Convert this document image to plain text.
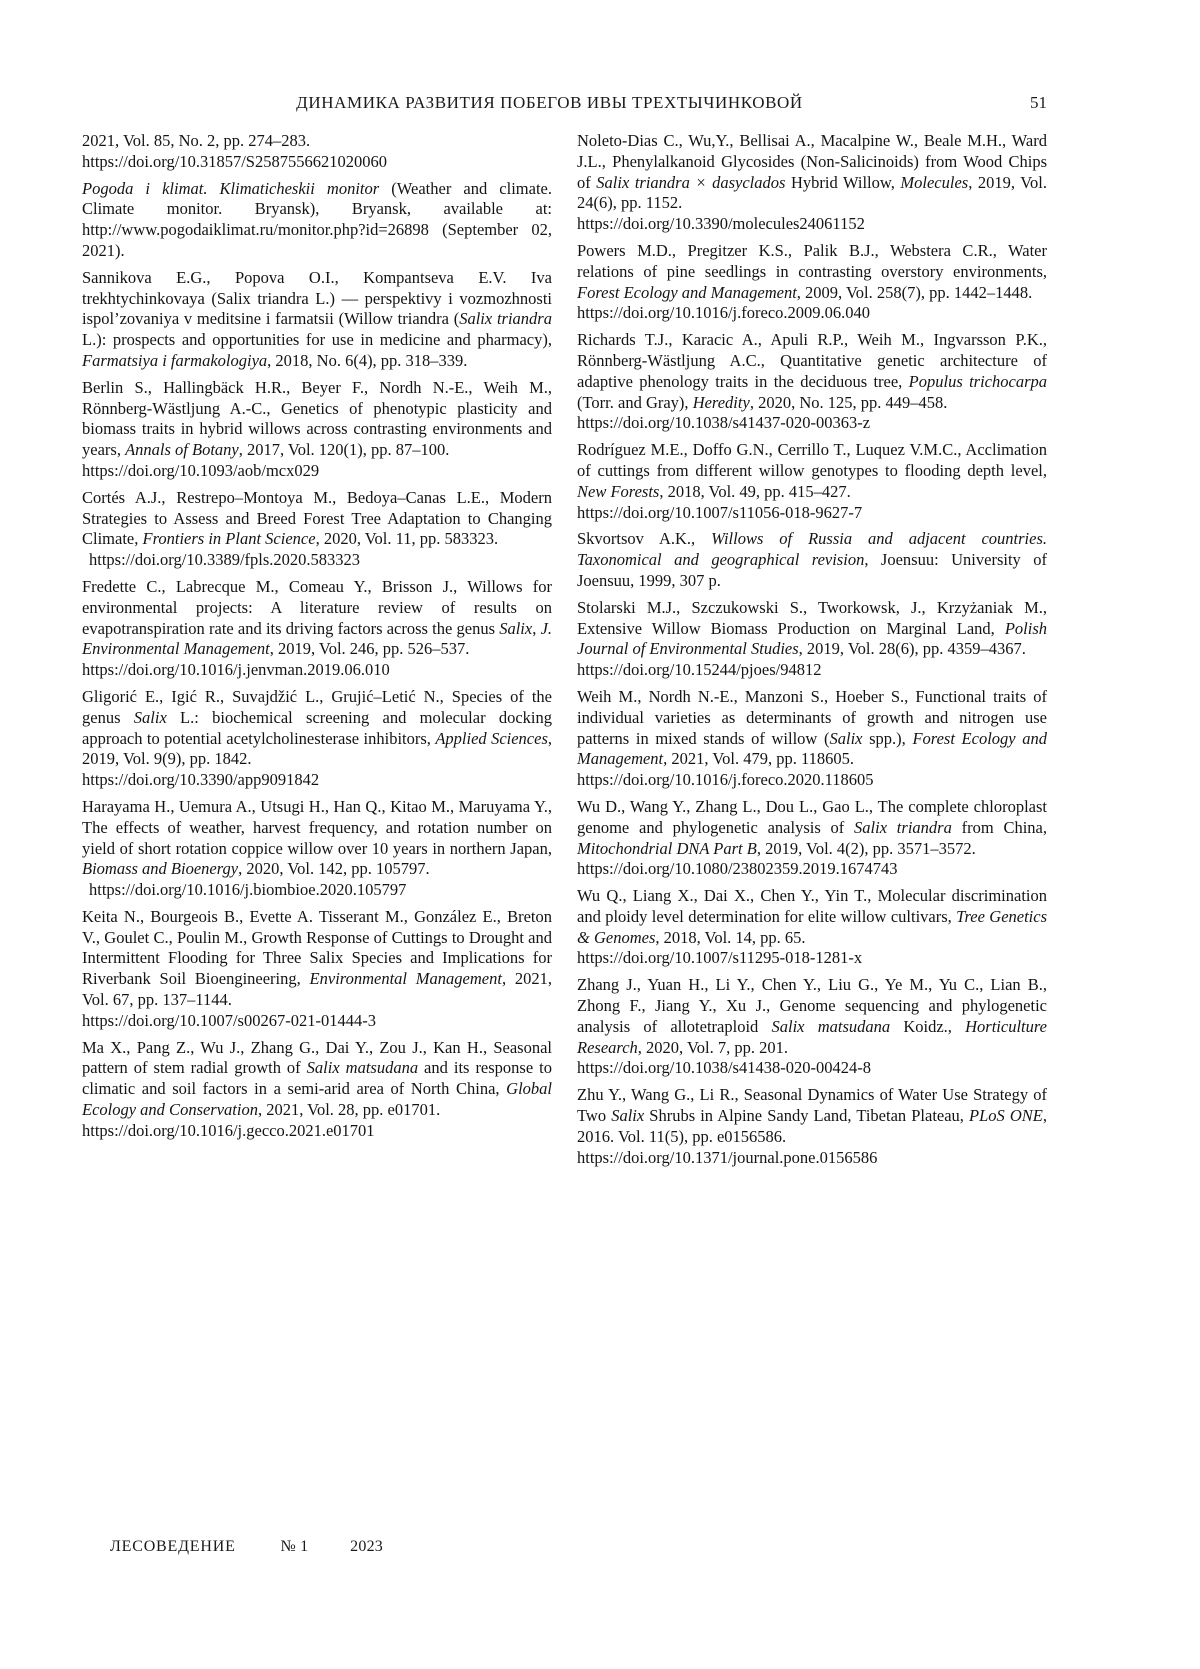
ДИНАМИКА РАЗВИТИЯ ПОБЕГОВ ИВЫ ТРЕХТЫЧИНКОВОЙ	51

2021, Vol. 85, No. 2, pp. 274–283.

https://doi.org/10.31857/S2587556621020060

Pogoda i klimat. Klimaticheskii monitor (Weather and climate. Climate monitor. Bryansk), Bryansk, available at: http://www.pogodaiklimat.ru/monitor.php?id=26898 (September 02, 2021).

Sannikova E.G., Popova O.I., Kompantseva E.V. Iva trekhtychinkovaya (Salix triandra L.) — perspektivy i vozmozhnosti ispol’zovaniya v meditsine i farmatsii (Willow triandra (Salix triandra L.): prospects and opportunities for use in medicine and pharmacy), Farmatsiya i farmakologiya, 2018, No. 6(4), pp. 318–339.

Berlin S., Hallingbäck H.R., Beyer F., Nordh N.-E., Weih M., Rönnberg-Wästljung A.-C., Genetics of phenotypic plasticity and biomass traits in hybrid willows across contrasting environments and years, Annals of Botany, 2017, Vol. 120(1), pp. 87–100.

https://doi.org/10.1093/aob/mcx029

Cortés A.J., Restrepo–Montoya M., Bedoya–Canas L.E., Modern Strategies to Assess and Breed Forest Tree Adaptation to Changing Climate, Frontiers in Plant Science, 2020, Vol. 11, pp. 583323.

https://doi.org/10.3389/fpls.2020.583323

Fredette C., Labrecque M., Comeau Y., Brisson J., Willows for environmental projects: A literature review of results on evapotranspiration rate and its driving factors across the genus Salix, J. Environmental Management, 2019, Vol. 246, pp. 526–537.

https://doi.org/10.1016/j.jenvman.2019.06.010

Gligorić E., Igić R., Suvajdžić L., Grujić–Letić N., Species of the genus Salix L.: biochemical screening and molecular docking approach to potential acetylcholinesterase inhibitors, Applied Sciences, 2019, Vol. 9(9), pp. 1842.

https://doi.org/10.3390/app9091842

Harayama H., Uemura A., Utsugi H., Han Q., Kitao M., Maruyama Y., The effects of weather, harvest frequency, and rotation number on yield of short rotation coppice willow over 10 years in northern Japan, Biomass and Bioenergy, 2020, Vol. 142, pp. 105797.

https://doi.org/10.1016/j.biombioe.2020.105797

Keita N., Bourgeois B., Evette A. Tisserant M., González E., Breton V., Goulet C., Poulin M., Growth Response of Cuttings to Drought and Intermittent Flooding for Three Salix Species and Implications for Riverbank Soil Bioengineering, Environmental Management, 2021, Vol. 67, pp. 137–1144.

https://doi.org/10.1007/s00267-021-01444-3

Ma X., Pang Z., Wu J., Zhang G., Dai Y., Zou J., Kan H., Seasonal pattern of stem radial growth of Salix matsudana and its response to climatic and soil factors in a semi-arid area of North China, Global Ecology and Conservation, 2021, Vol. 28, pp. e01701.

https://doi.org/10.1016/j.gecco.2021.e01701

Noleto-Dias C., Wu,Y., Bellisai A., Macalpine W., Beale M.H., Ward J.L., Phenylalkanoid Glycosides (Non-Salicinoids) from Wood Chips of Salix triandra × dasyclados Hybrid Willow, Molecules, 2019, Vol. 24(6), pp. 1152.

https://doi.org/10.3390/molecules24061152

Powers M.D., Pregitzer K.S., Palik B.J., Webstera C.R., Water relations of pine seedlings in contrasting overstory environments, Forest Ecology and Management, 2009, Vol. 258(7), pp. 1442–1448.

https://doi.org/10.1016/j.foreco.2009.06.040

Richards T.J., Karacic A., Apuli R.P., Weih M., Ingvarsson P.K., Rönnberg-Wästljung A.C., Quantitative genetic architecture of adaptive phenology traits in the deciduous tree, Populus trichocarpa (Torr. and Gray), Heredity, 2020, No. 125, pp. 449–458.

https://doi.org/10.1038/s41437-020-00363-z

Rodríguez M.E., Doffo G.N., Cerrillo T., Luquez V.M.C., Acclimation of cuttings from different willow genotypes to flooding depth level, New Forests, 2018, Vol. 49, pp. 415–427.

https://doi.org/10.1007/s11056-018-9627-7

Skvortsov A.K., Willows of Russia and adjacent countries. Taxonomical and geographical revision, Joensuu: University of Joensuu, 1999, 307 p.

Stolarski M.J., Szczukowski S., Tworkowsk, J., Krzyżaniak M., Extensive Willow Biomass Production on Marginal Land, Polish Journal of Environmental Studies, 2019, Vol. 28(6), pp. 4359–4367.

https://doi.org/10.15244/pjoes/94812

Weih M., Nordh N.-E., Manzoni S., Hoeber S., Functional traits of individual varieties as determinants of growth and nitrogen use patterns in mixed stands of willow (Salix spp.), Forest Ecology and Management, 2021, Vol. 479, pp. 118605.

https://doi.org/10.1016/j.foreco.2020.118605

Wu D., Wang Y., Zhang L., Dou L., Gao L., The complete chloroplast genome and phylogenetic analysis of Salix triandra from China, Mitochondrial DNA Part B, 2019, Vol. 4(2), pp. 3571–3572.

https://doi.org/10.1080/23802359.2019.1674743

Wu Q., Liang X., Dai X., Chen Y., Yin T., Molecular discrimination and ploidy level determination for elite willow cultivars, Tree Genetics & Genomes, 2018, Vol. 14, pp. 65.

https://doi.org/10.1007/s11295-018-1281-x

Zhang J., Yuan H., Li Y., Chen Y., Liu G., Ye M., Yu C., Lian B., Zhong F., Jiang Y., Xu J., Genome sequencing and phylogenetic analysis of allotetraploid Salix matsudana Koidz., Horticulture Research, 2020, Vol. 7, pp. 201.

https://doi.org/10.1038/s41438-020-00424-8

Zhu Y., Wang G., Li R., Seasonal Dynamics of Water Use Strategy of Two Salix Shrubs in Alpine Sandy Land, Tibetan Plateau, PLoS ONE, 2016. Vol. 11(5), pp. e0156586.

https://doi.org/10.1371/journal.pone.0156586
ЛЕСОВЕДЕНИЕ	№ 1	2023
